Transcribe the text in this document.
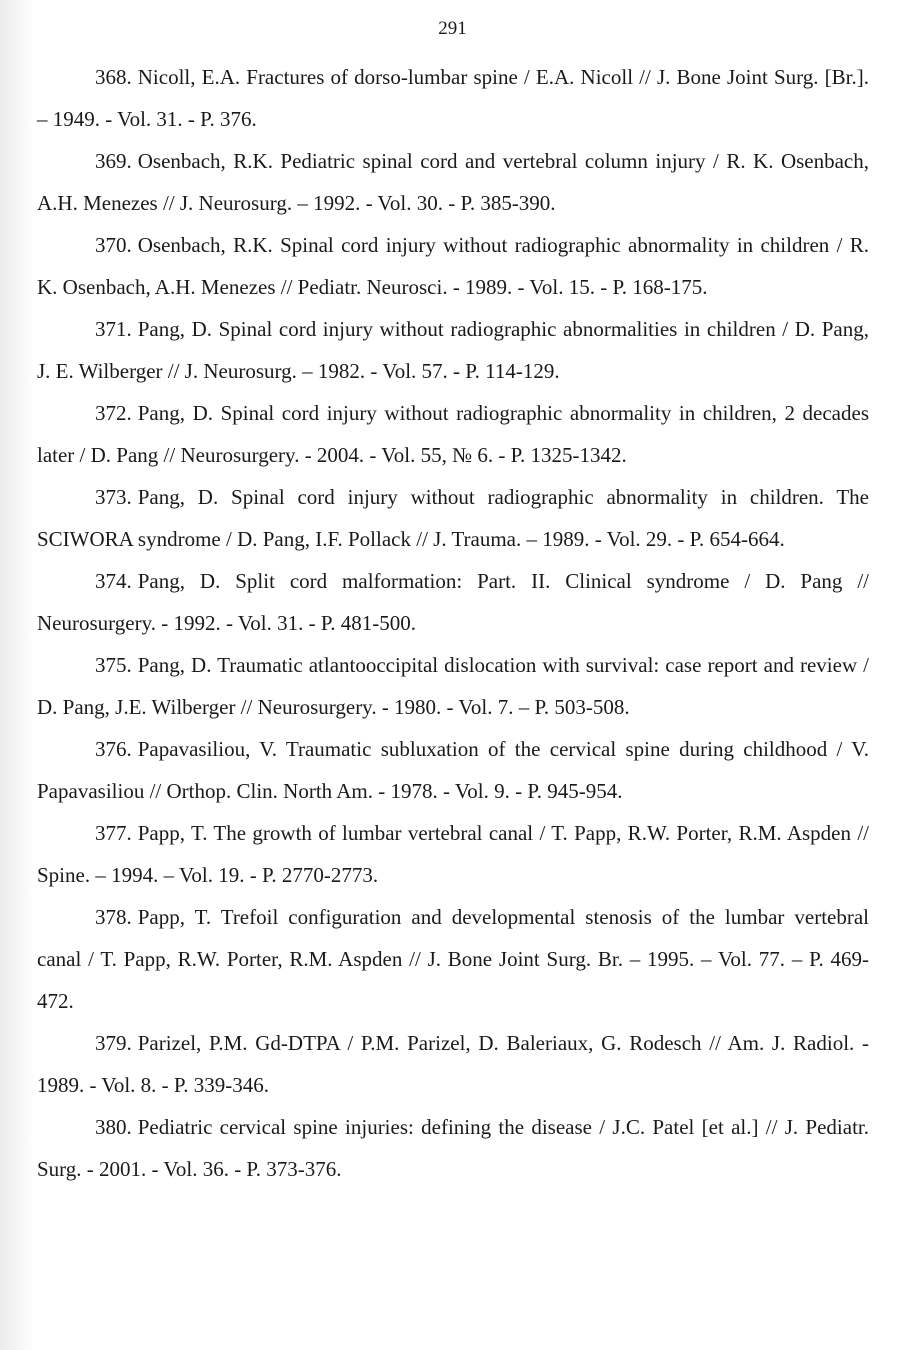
291
368. Nicoll, E.A. Fractures of dorso-lumbar spine / E.A. Nicoll // J. Bone Joint Surg. [Br.]. – 1949. - Vol. 31. - P. 376.
369. Osenbach, R.K. Pediatric spinal cord and vertebral column injury / R. K. Osenbach, A.H. Menezes // J. Neurosurg. – 1992. - Vol. 30. - P. 385-390.
370. Osenbach, R.K. Spinal cord injury without radiographic abnormality in children / R. K. Osenbach, A.H. Menezes // Pediatr. Neurosci. - 1989. - Vol. 15. - P. 168-175.
371. Pang, D. Spinal cord injury without radiographic abnormalities in children / D. Pang, J. E. Wilberger // J. Neurosurg. – 1982. - Vol. 57. - P. 114-129.
372. Pang, D. Spinal cord injury without radiographic abnormality in children, 2 decades later / D. Pang // Neurosurgery. - 2004. - Vol. 55, № 6. - P. 1325-1342.
373. Pang, D. Spinal cord injury without radiographic abnormality in children. The SCIWORA syndrome / D. Pang, I.F. Pollack // J. Trauma. – 1989. - Vol. 29. - P. 654-664.
374. Pang, D. Split cord malformation: Part. II. Clinical syndrome / D. Pang // Neurosurgery. - 1992. - Vol. 31. - P. 481-500.
375. Pang, D. Traumatic atlantooccipital dislocation with survival: case report and review / D. Pang, J.E. Wilberger // Neurosurgery. - 1980. - Vol. 7. – P. 503-508.
376. Papavasiliou, V. Traumatic subluxation of the cervical spine during childhood / V. Papavasiliou // Orthop. Clin. North Am. - 1978. - Vol. 9. - P. 945-954.
377. Papp, T. The growth of lumbar vertebral canal / T. Papp, R.W. Porter, R.M. Aspden // Spine. – 1994. – Vol. 19. - P. 2770-2773.
378. Papp, T. Trefoil configuration and developmental stenosis of the lumbar vertebral canal / T. Papp, R.W. Porter, R.M. Aspden // J. Bone Joint Surg. Br. – 1995. – Vol. 77. – P. 469-472.
379. Parizel, P.M. Gd-DTPA / P.M. Parizel, D. Baleriaux, G. Rodesch // Am. J. Radiol. - 1989. - Vol. 8. - P. 339-346.
380. Pediatric cervical spine injuries: defining the disease / J.C. Patel [et al.] // J. Pediatr. Surg. - 2001. - Vol. 36. - P. 373-376.
